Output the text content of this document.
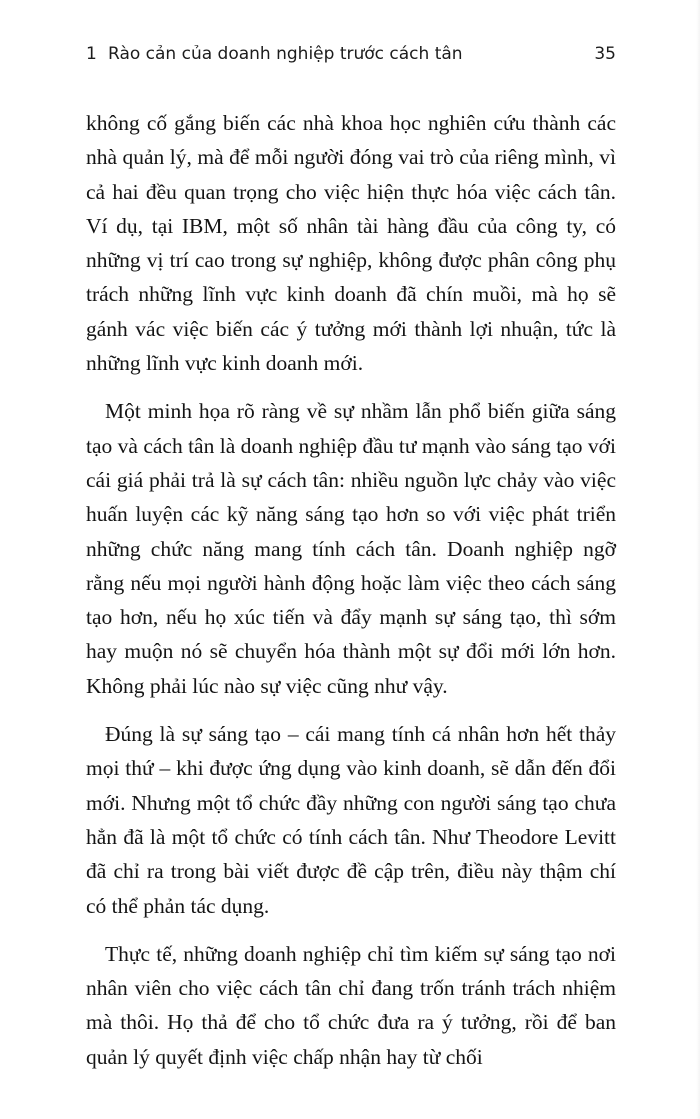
1 Rào cản của doanh nghiệp trước cách tân	35

không cố gắng biến các nhà khoa học nghiên cứu thành các nhà quản lý, mà để mỗi người đóng vai trò của riêng mình, vì cả hai đều quan trọng cho việc hiện thực hóa việc cách tân. Ví dụ, tại IBM, một số nhân tài hàng đầu của công ty, có những vị trí cao trong sự nghiệp, không được phân công phụ trách những lĩnh vực kinh doanh đã chín muồi, mà họ sẽ gánh vác việc biến các ý tưởng mới thành lợi nhuận, tức là những lĩnh vực kinh doanh mới.

Một minh họa rõ ràng về sự nhầm lẫn phổ biến giữa sáng tạo và cách tân là doanh nghiệp đầu tư mạnh vào sáng tạo với cái giá phải trả là sự cách tân: nhiều nguồn lực chảy vào việc huấn luyện các kỹ năng sáng tạo hơn so với việc phát triển những chức năng mang tính cách tân. Doanh nghiệp ngỡ rằng nếu mọi người hành động hoặc làm việc theo cách sáng tạo hơn, nếu họ xúc tiến và đẩy mạnh sự sáng tạo, thì sớm hay muộn nó sẽ chuyển hóa thành một sự đổi mới lớn hơn. Không phải lúc nào sự việc cũng như vậy.

Đúng là sự sáng tạo – cái mang tính cá nhân hơn hết thảy mọi thứ – khi được ứng dụng vào kinh doanh, sẽ dẫn đến đổi mới. Nhưng một tổ chức đầy những con người sáng tạo chưa hẳn đã là một tổ chức có tính cách tân. Như Theodore Levitt đã chỉ ra trong bài viết được đề cập trên, điều này thậm chí có thể phản tác dụng.

Thực tế, những doanh nghiệp chỉ tìm kiếm sự sáng tạo nơi nhân viên cho việc cách tân chỉ đang trốn tránh trách nhiệm mà thôi. Họ thả để cho tổ chức đưa ra ý tưởng, rồi để ban quản lý quyết định việc chấp nhận hay từ chối
